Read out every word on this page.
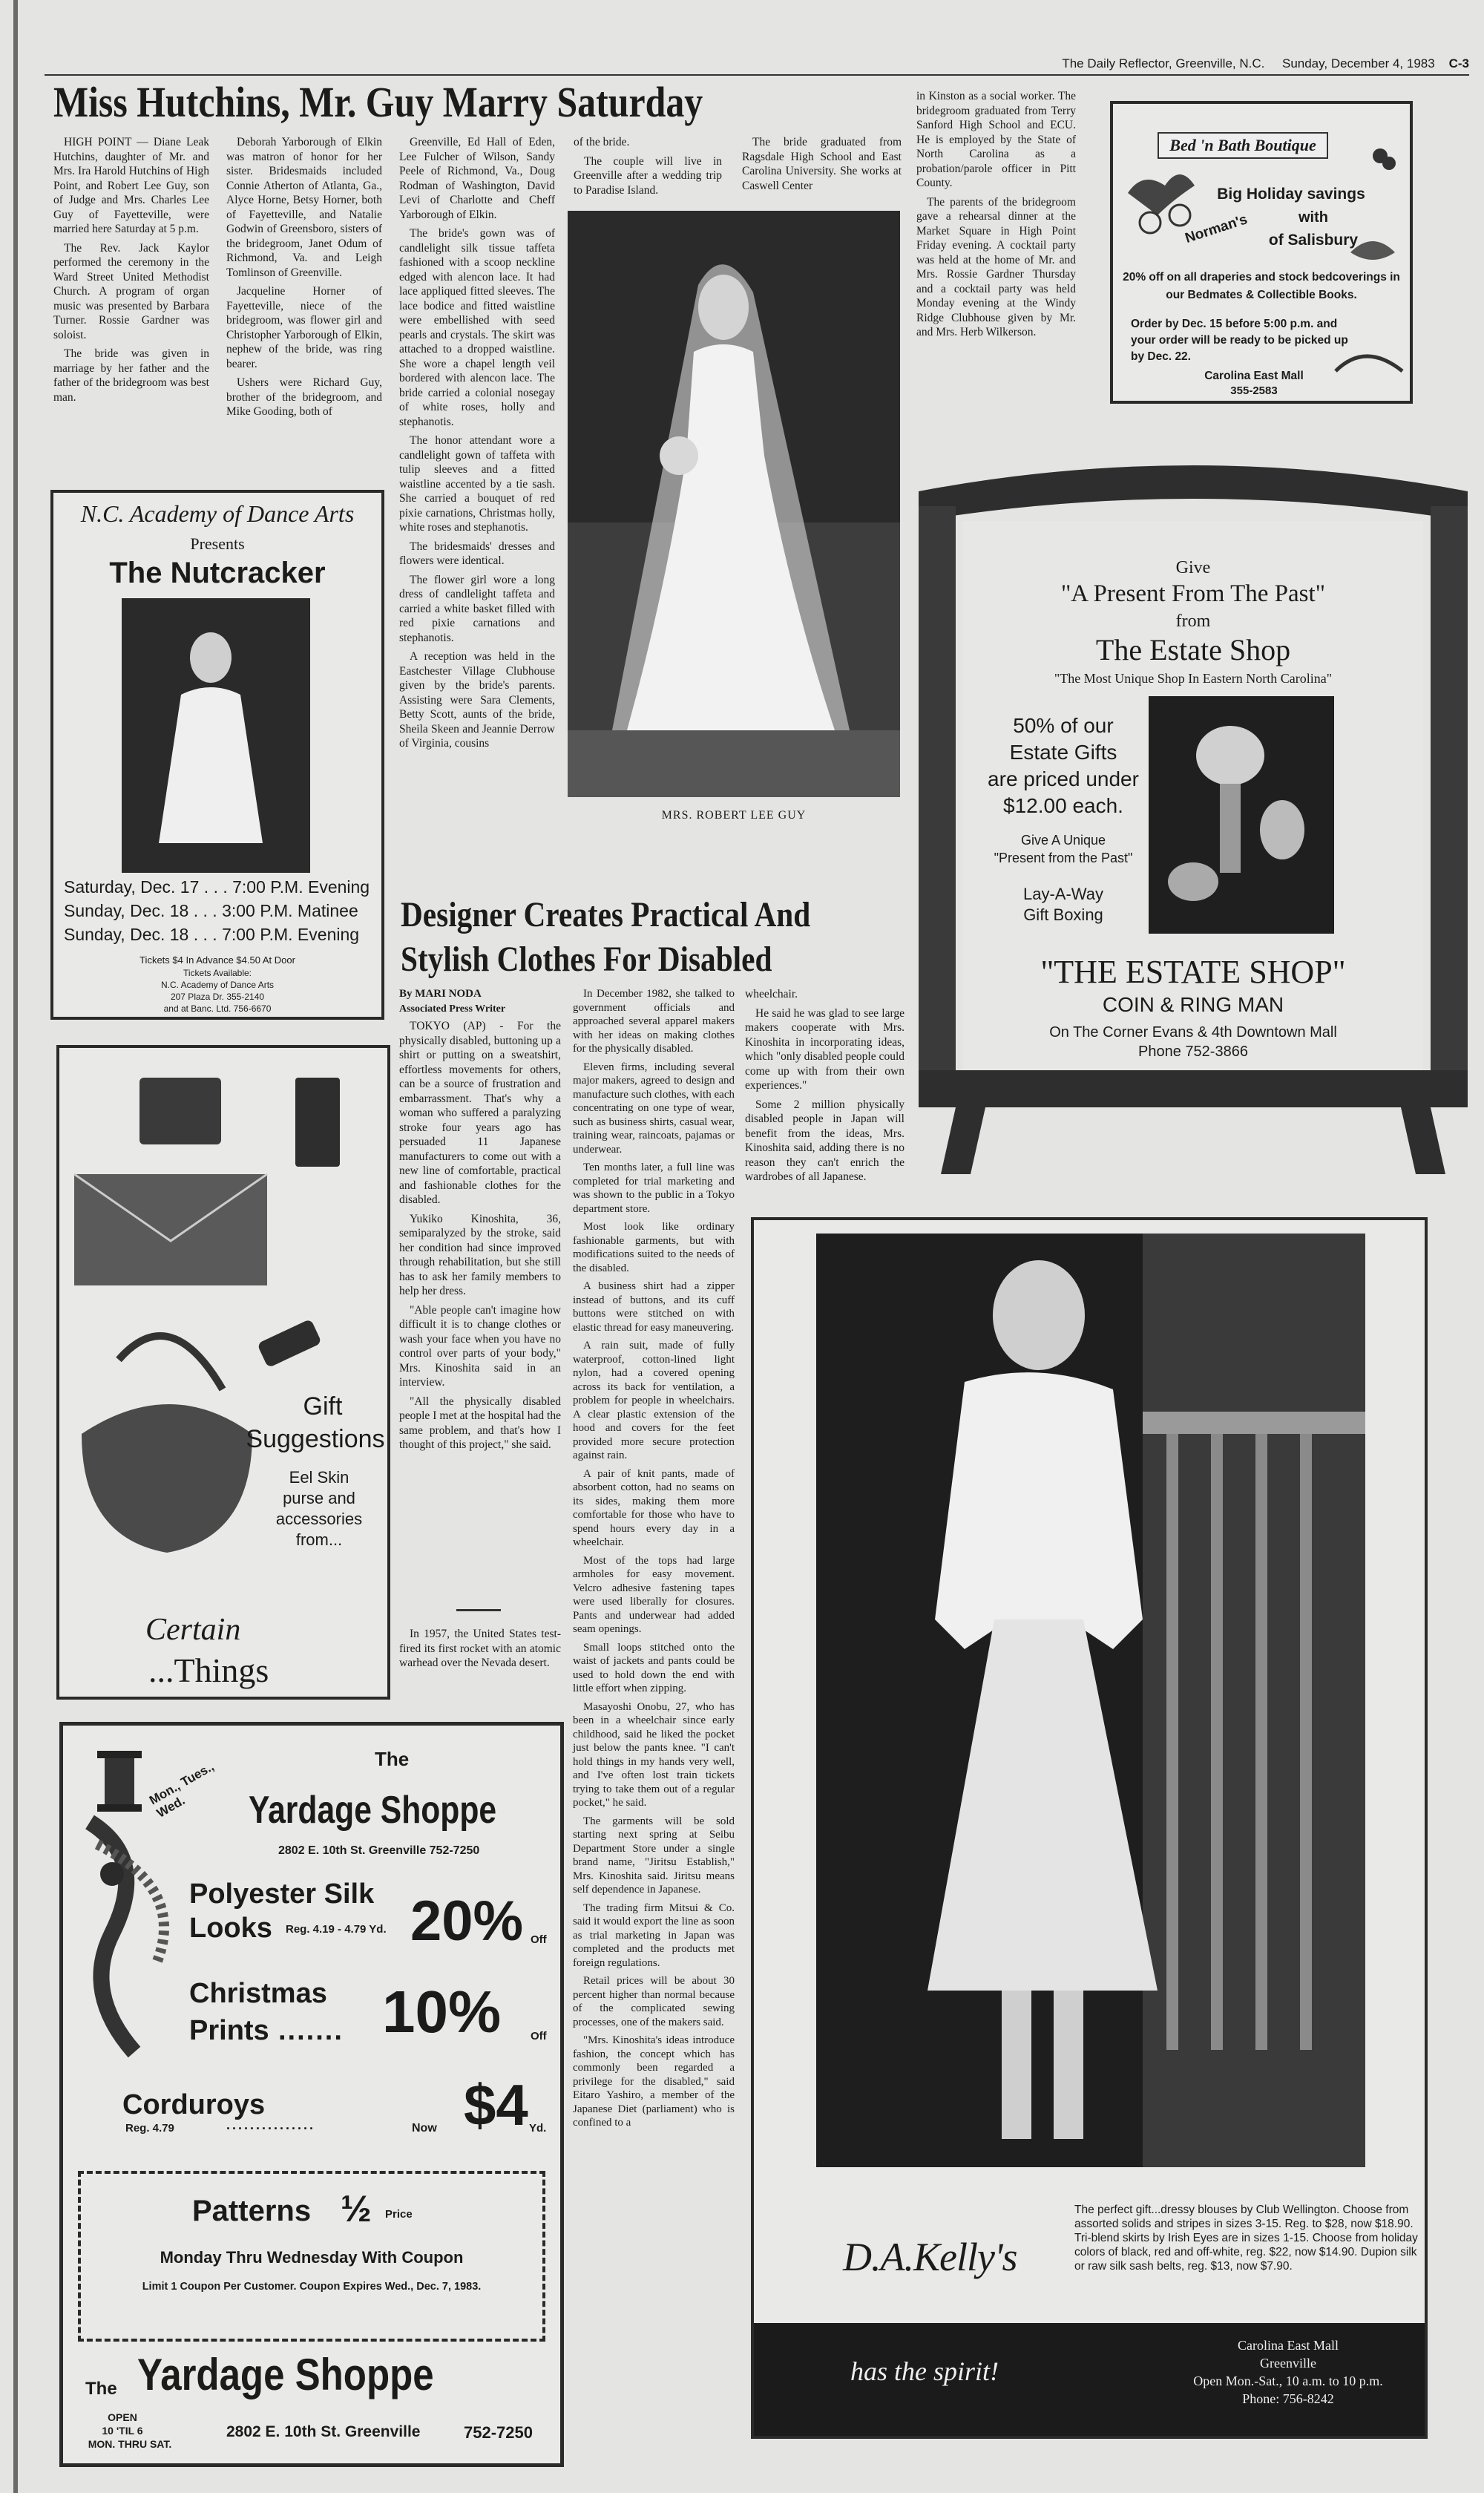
The Daily Reflector, Greenville, N.C. Sunday, December 4, 1983 C-3
Miss Hutchins, Mr. Guy Marry Saturday

HIGH POINT — Diane Leak Hutchins, daughter of Mr. and Mrs. Ira Harold Hutchins of High Point, and Robert Lee Guy, son of Judge and Mrs. Charles Lee Guy of Fayetteville, were married here Saturday at 5 p.m.

The Rev. Jack Kaylor performed the ceremony in the Ward Street United Methodist Church. A program of organ music was presented by Barbara Turner. Rossie Gardner was soloist.

The bride was given in marriage by her father and the father of the bridegroom was best man.

Deborah Yarborough of Elkin was matron of honor for her sister. Bridesmaids included Connie Atherton of Atlanta, Ga., Alyce Horne, Betsy Horner, both of Fayetteville, and Natalie Godwin of Greensboro, sisters of the bridegroom, Janet Odum of Richmond, Va. and Leigh Tomlinson of Greenville.

Jacqueline Horner of Fayetteville, niece of the bridegroom, was flower girl and Christopher Yarborough of Elkin, nephew of the bride, was ring bearer.

Ushers were Richard Guy, brother of the bridegroom, and Mike Gooding, both of

Greenville, Ed Hall of Eden, Lee Fulcher of Wilson, Sandy Peele of Richmond, Va., Doug Rodman of Washington, David Levi of Charlotte and Cheff Yarborough of Elkin.

The bride's gown was of candlelight silk tissue taffeta fashioned with a scoop neckline edged with alencon lace. It had lace appliqued fitted sleeves. The lace bodice and fitted waistline were embellished with seed pearls and crystals. The skirt was attached to a dropped waistline. She wore a chapel length veil bordered with alencon lace. The bride carried a colonial nosegay of white roses, holly and stephanotis.

The honor attendant wore a candlelight gown of taffeta with tulip sleeves and a fitted waistline accented by a tie sash. She carried a bouquet of red pixie carnations, Christmas holly, white roses and stephanotis.

The bridesmaids' dresses and flowers were identical.

The flower girl wore a long dress of candlelight taffeta and carried a white basket filled with red pixie carnations and stephanotis.

A reception was held in the Eastchester Village Clubhouse given by the bride's parents. Assisting were Sara Clements, Betty Scott, aunts of the bride, Sheila Skeen and Jeannie Derrow of Virginia, cousins

of the bride.

The couple will live in Greenville after a wedding trip to Paradise Island.

The bride graduated from Ragsdale High School and East Carolina University. She works at Caswell Center

in Kinston as a social worker. The bridegroom graduated from Terry Sanford High School and ECU. He is employed by the State of North Carolina as a probation/parole officer in Pitt County.

The parents of the bridegroom gave a rehearsal dinner at the Market Square in High Point Friday evening. A cocktail party was held at the home of Mr. and Mrs. Rossie Gardner Thursday and a cocktail party was held Monday evening at the Windy Ridge Clubhouse given by Mr. and Mrs. Herb Wilkerson.

MRS. ROBERT LEE GUY
Bed 'n Bath Boutique
Big Holiday savings
Norman's	with
of Salisbury
20% off on all draperies and stock bedcoverings in our Bedmates & Collectible Books.
Order by Dec. 15 before 5:00 p.m. and your order will be ready to be picked up by Dec. 22.
Carolina East Mall
355-2583
N.C. Academy of Dance Arts
Presents
The Nutcracker
Saturday, Dec. 17 . . . 7:00 P.M. Evening
Sunday, Dec. 18 . . . 3:00 P.M. Matinee
Sunday, Dec. 18 . . . 7:00 P.M. Evening
Tickets $4 In Advance $4.50 At Door
Tickets Available:
N.C. Academy of Dance Arts
207 Plaza Dr. 355-2140
and at Banc. Ltd. 756-6670
Give
"A Present From The Past"
from
The Estate Shop
"The Most Unique Shop In Eastern North Carolina"
50% of our
Estate Gifts
are priced under
$12.00 each.
Give A Unique
"Present from the Past"
Lay-A-Way
Gift Boxing
"THE ESTATE SHOP"
COIN & RING MAN
On The Corner Evans & 4th Downtown Mall
Phone 752-3866
Designer Creates Practical And
Stylish Clothes For Disabled
By MARI NODA
Associated Press Writer

TOKYO (AP) - For the physically disabled, buttoning up a shirt or putting on a sweatshirt, effortless movements for others, can be a source of frustration and embarrassment. That's why a woman who suffered a paralyzing stroke four years ago has persuaded 11 Japanese manufacturers to come out with a new line of comfortable, practical and fashionable clothes for the disabled.

Yukiko Kinoshita, 36, semiparalyzed by the stroke, said her condition had since improved through rehabilitation, but she still has to ask her family members to help her dress.

"Able people can't imagine how difficult it is to change clothes or wash your face when you have no control over parts of your body," Mrs. Kinoshita said in an interview.

"All the physically disabled people I met at the hospital had the same problem, and that's how I thought of this project," she said.

In 1957, the United States test-fired its first rocket with an atomic warhead over the Nevada desert.

In December 1982, she talked to government officials and approached several apparel makers with her ideas on making clothes for the physically disabled.

Eleven firms, including several major makers, agreed to design and manufacture such clothes, with each concentrating on one type of wear, such as business shirts, casual wear, training wear, raincoats, pajamas or underwear.

Ten months later, a full line was completed for trial marketing and was shown to the public in a Tokyo department store.

Most look like ordinary fashionable garments, but with modifications suited to the needs of the disabled.

A business shirt had a zipper instead of buttons, and its cuff buttons were stitched on with elastic thread for easy maneuvering.

A rain suit, made of fully waterproof, cotton-lined light nylon, had a covered opening across its back for ventilation, a problem for people in wheelchairs. A clear plastic extension of the hood and covers for the feet provided more secure protection against rain.

A pair of knit pants, made of absorbent cotton, had no seams on its sides, making them more comfortable for those who have to spend hours every day in a wheelchair.

Most of the tops had large armholes for easy movement. Velcro adhesive fastening tapes were used liberally for closures. Pants and underwear had added seam openings.

Small loops stitched onto the waist of jackets and pants could be used to hold down the end with little effort when zipping.

Masayoshi Onobu, 27, who has been in a wheelchair since early childhood, said he liked the pocket just below the pants knee. "I can't hold things in my hands very well, and I've often lost train tickets trying to take them out of a regular pocket," he said.

The garments will be sold starting next spring at Seibu Department Store under a single brand name, "Jiritsu Establish," Mrs. Kinoshita said. Jiritsu means self dependence in Japanese.

The trading firm Mitsui & Co. said it would export the line as soon as trial marketing in Japan was completed and the products met foreign regulations.

Retail prices will be about 30 percent higher than normal because of the complicated sewing processes, one of the makers said.

"Mrs. Kinoshita's ideas introduce fashion, the concept which has commonly been regarded a privilege for the disabled," said Eitaro Yashiro, a member of the Japanese Diet (parliament) who is confined to a

wheelchair.

He said he was glad to see large makers cooperate with Mrs. Kinoshita in incorporating ideas, which "only disabled people could come up with from their own experiences."

Some 2 million physically disabled people in Japan will benefit from the ideas, Mrs. Kinoshita said, adding there is no reason they can't enrich the wardrobes of all Japanese.

Gift
Suggestions
Eel Skin
purse and
accessories
from...
Certain
...Things
Mon., Tues., Wed.
The
Yardage Shoppe
2802 E. 10th St. Greenville 752-7250
Polyester Silk
Looks	Reg. 4.19 - 4.79 Yd. 20% Off
Christmas
Prints ....... 10%	Off
Corduroys
Reg. 4.79	...............	Now $4 Yd.
Patterns ½	Price
Monday Thru Wednesday With Coupon
Limit 1 Coupon Per Customer. Coupon Expires Wed., Dec. 7, 1983.
The Yardage Shoppe
OPEN
10 'TIL 6
MON. THRU SAT.
2802 E. 10th St. Greenville	752-7250
The perfect gift...dressy blouses by Club Wellington. Choose from assorted solids and stripes in sizes 3-15. Reg. to $28, now $18.90. Tri-blend skirts by Irish Eyes are in sizes 1-15. Choose from holiday colors of black, red and off-white, reg. $22, now $14.90. Dupion silk or raw silk sash belts, reg. $13, now $7.90.
D.A.Kelly's
has the spirit!
Carolina East Mall
Greenville
Open Mon.-Sat., 10 a.m. to 10 p.m.
Phone: 756-8242
